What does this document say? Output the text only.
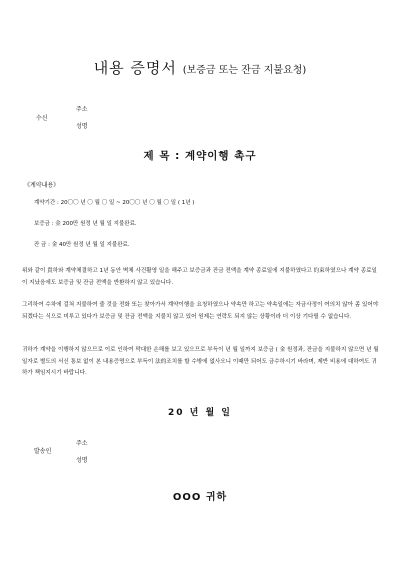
내용 증명서 (보증금 또는 잔금 지불요청)
수신
주소
성명
제 목 : 계약이행 촉구
《계약내용》
계약기간 : 20〇〇 년 〇 월 〇 일 ~ 20〇〇 년 〇 월 〇 일 ( 1년 )
보증금 : 金 200만 원정 년 월 일 지불완료.
잔 금 : 金 40만 원정 년 월 일 지불완료.
위와 같이 貴하와 계약체결하고 1년 동안 벽체 사건활영 일을 해주고 보증금과 잔금 전액을 계약 종료일에 지불하였다고 約束하였으나 계약 종료일이 지났음에도 보증금 및 잔금 전액을 반환하지 않고 있습니다.
그리하여 수차에 걸쳐 지불하여 줄 것을 전화 또는 찾아가서 계약이행을 요청하였으나 약속만 하고는 약속일에는 자금사정이 여의치 않아 좀 있어야 되겠다는 식으로 미루고 있다가 보증금 및 잔금 전액을 지불치 않고 있어 원제는 연락도 되지 않는 상황이라 더 이상 기다릴 수 없습니다.
귀하가 계약을 이행하지 않으므로 이로 인하여 막대한 손해를 보고 있으므로 부득이 년 월 일까지 보증금 ( 金 원정과, 잔금을 지불하지 않으면 년 월 일자로 별도의 서신 통보 없이 본 내용증명으로 부득이 法的조치를 할 수밖에 없사오니 이때만 되어도 금수하시기 바라며, 제반 비용에 대하여도 귀하가 책임지시기 바랍니다.
20 년 월 일
발송인
주소
성명
OOO 귀하
